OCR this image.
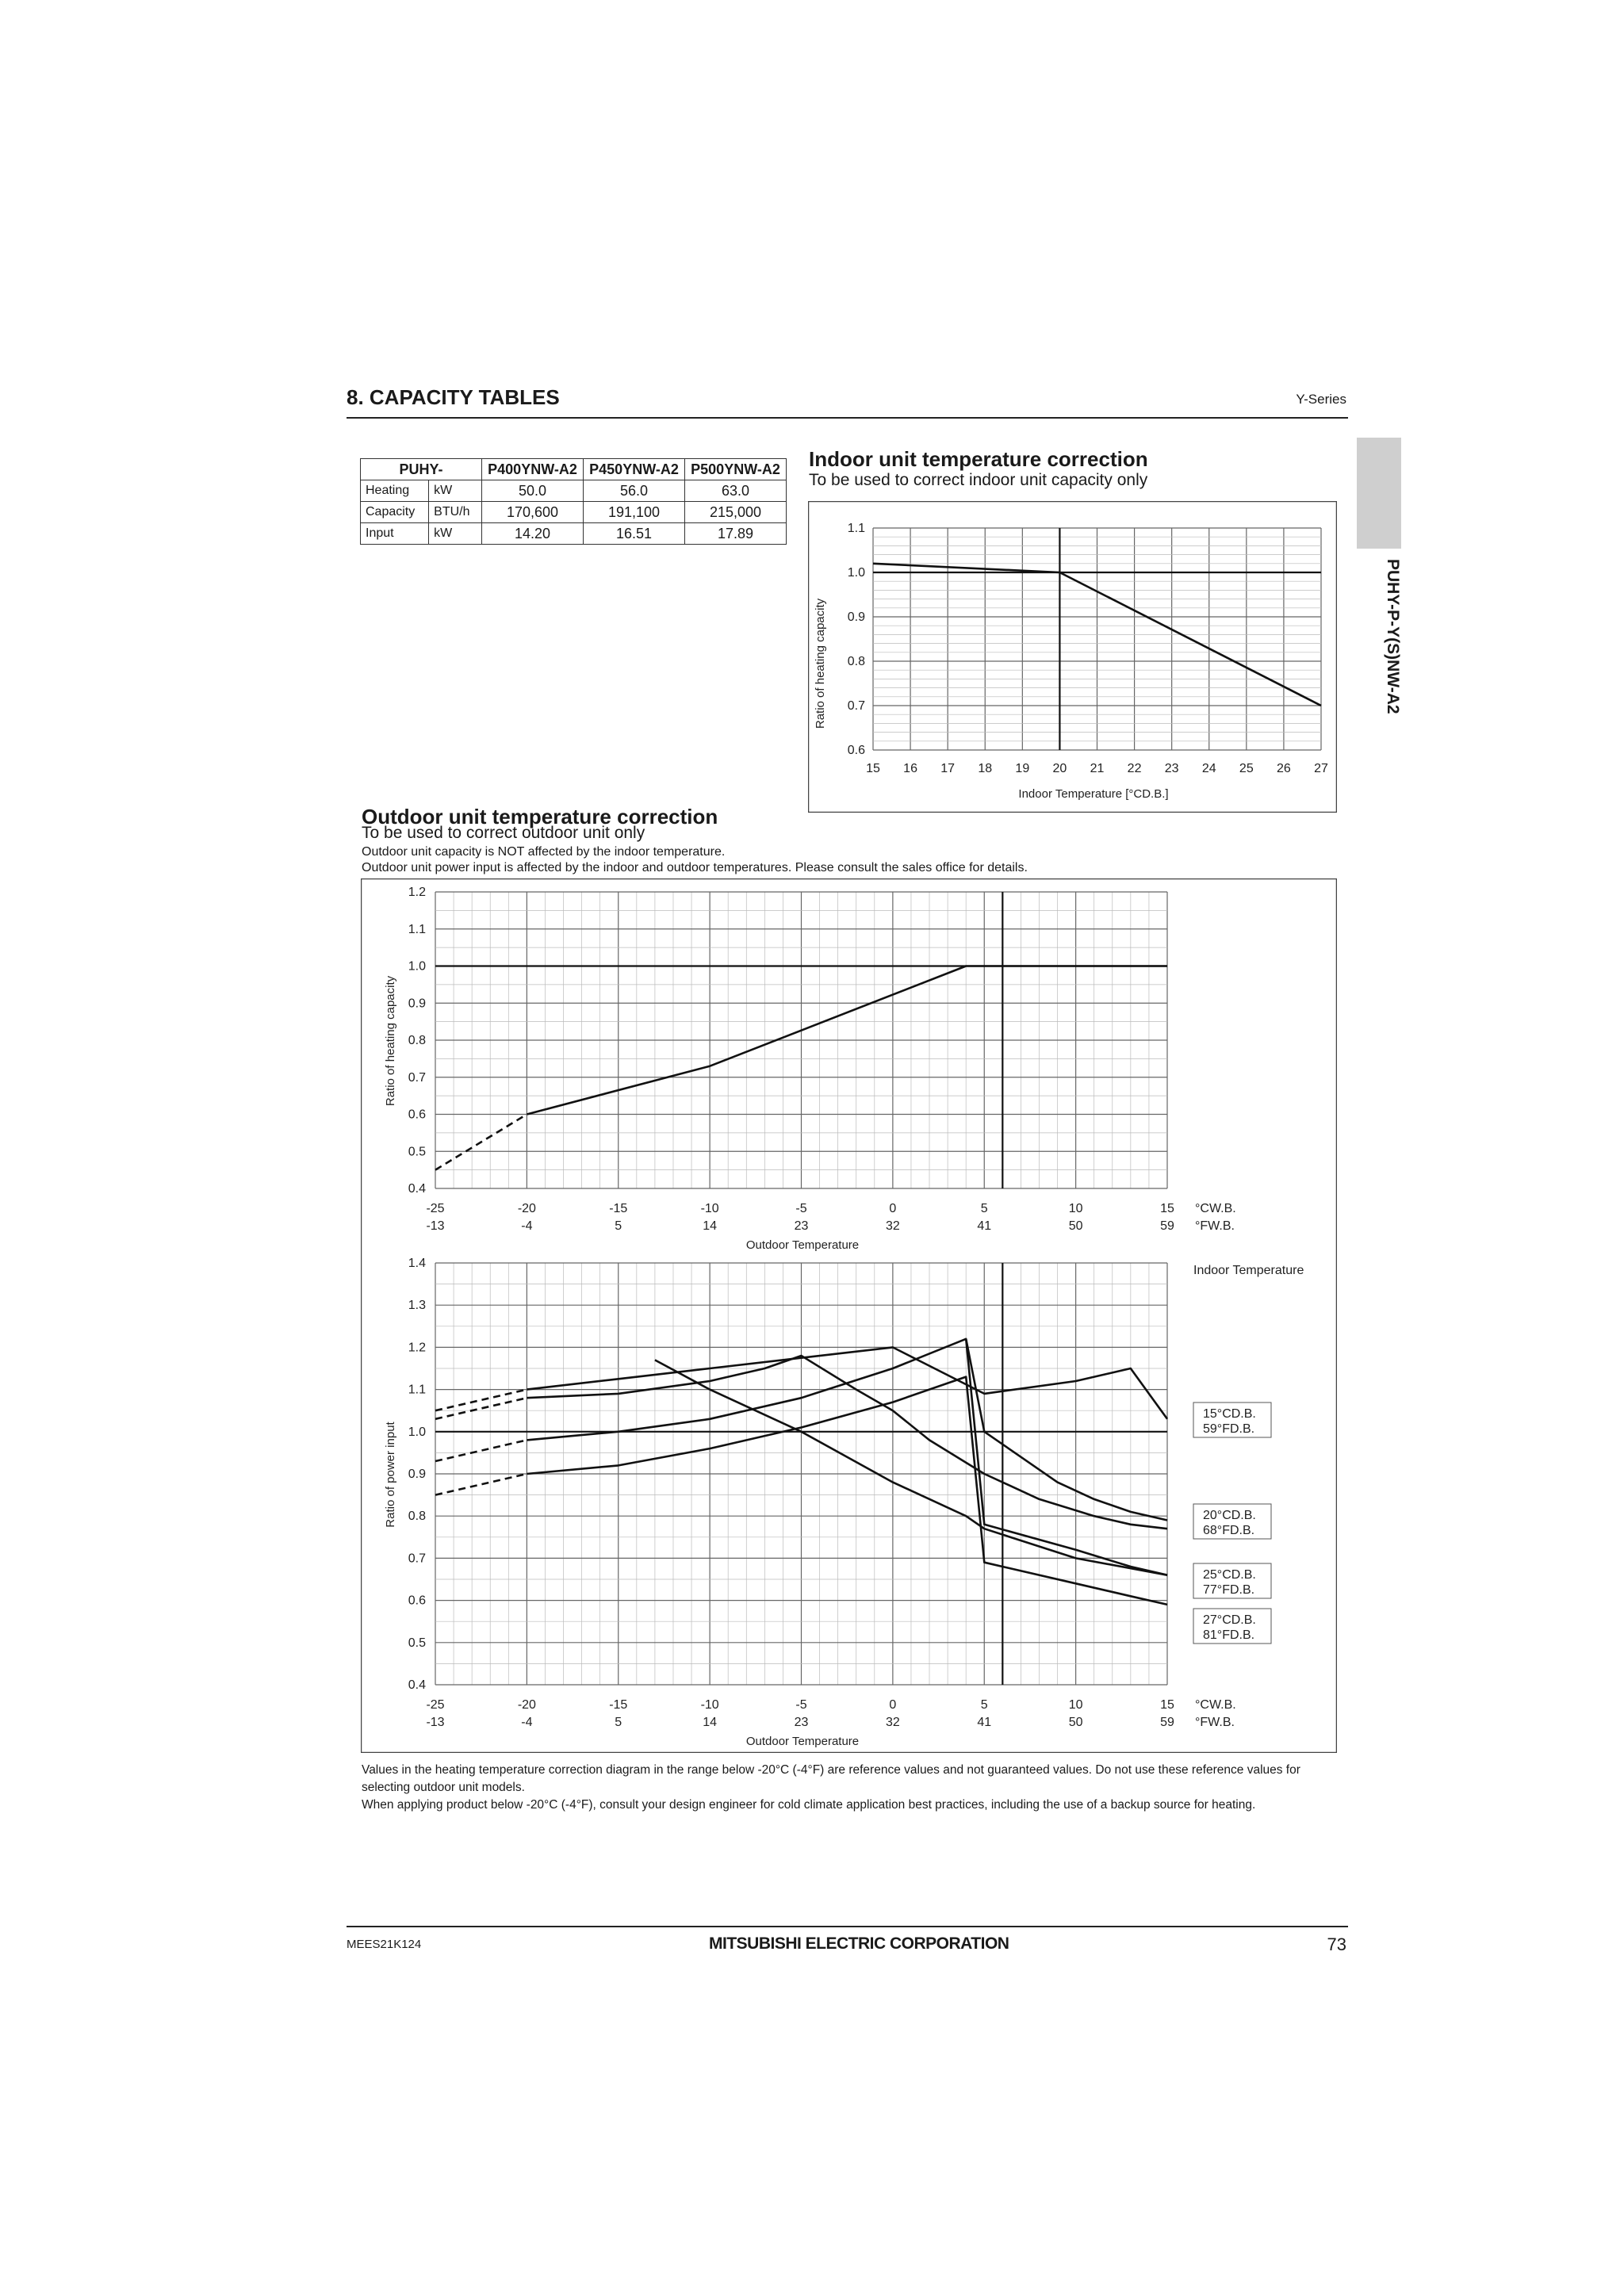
8. CAPACITY TABLES	Y-Series
PUHY-P-Y(S)NW-A2
PUHY-		P400YNW-A2	P450YNW-A2	P500YNW-A2
Heating	kW	50.0	56.0	63.0
Capacity	BTU/h	170,600	191,100	215,000
Input	kW	14.20	16.51	17.89
Indoor unit temperature correction
To be used to correct indoor unit capacity only
Outdoor unit temperature correction
To be used to correct outdoor unit only
Outdoor unit capacity is NOT affected by the indoor temperature.
Outdoor unit power input is affected by the indoor and outdoor temperatures. Please consult the sales office for details.
15 16 17 18 19 20 21 22 23 24 25 26 27
0.6
0.7
0.8
0.9
1.0
1.1
Indoor Temperature [°CD.B.]
Ratio of heating capacity
-25	-20	-15	-10	-5	0	5	10	15
-13	-4	5	14	23	32	41	50	59
0.4
0.5
0.6
0.7
0.8
0.9
1.0
1.1
1.2
Ratio of heating capacity
Outdoor Temperature
°CW.B.
°FW.B.
-25	-20	-15	-10	-5	0	5	10	15
-13	-4	5	14	23	32	41	50	59
0.4
0.5
0.6
0.7
0.8
0.9
1.0
1.1
1.2
1.3
1.4
Ratio of power input
Outdoor Temperature
°CW.B.
°FW.B.
Indoor Temperature
15°CD.B.
59°FD.B.
20°CD.B.
68°FD.B.
25°CD.B.
77°FD.B.
27°CD.B.
81°FD.B.
Values in the heating temperature correction diagram in the range below -20°C (-4°F) are reference values and not guaranteed values. Do not use these reference values for selecting outdoor unit models.
When applying product below -20°C (-4°F), consult your design engineer for cold climate application best practices, including the use of a backup source for heating.
MEES21K124	MITSUBISHI ELECTRIC CORPORATION	73
